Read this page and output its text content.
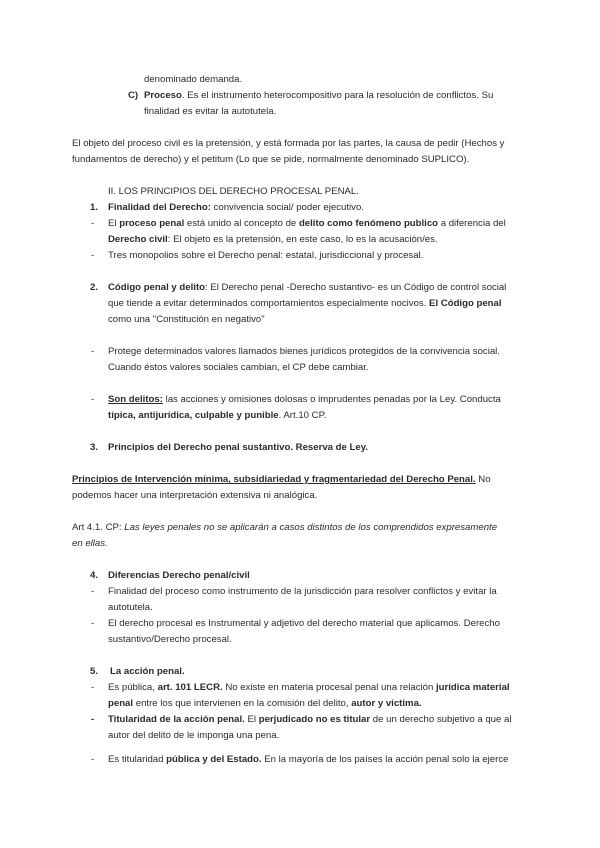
denominado demanda.
C) Proceso. Es el instrumento heterocompositivo para la resolución de conflictos. Su
finalidad es evitar la autotutela.
El objeto del proceso civil es la pretensión, y está formada por las partes, la causa de pedir (Hechos y
fundamentos de derecho) y el petitum (Lo que se pide, normalmente denominado SUPLICO).
II. LOS PRINCIPIOS DEL DERECHO PROCESAL PENAL.
1. Finalidad del Derecho: convivencia social/ poder ejecutivo.
- El proceso penal está unido al concepto de delito como fenómeno publico a diferencia del
Derecho civil: El objeto es la pretensión, en este caso, lo es la acusación/es.
- Tres monopolios sobre el Derecho penal: estatal, jurisdiccional y procesal.
2. Código penal y delito: El Derecho penal -Derecho sustantivo- es un Código de control social
que tiende a evitar determinados comportamientos especialmente nocivos. El Código penal
como una "Constitución en negativo"
- Protege determinados valores llamados bienes jurídicos protegidos de la convivencia social.
Cuando éstos valores sociales cambian, el CP debe cambiar.
- Son delitos: las acciones y omisiones dolosas o imprudentes penadas por la Ley. Conducta
típica, antijurídica, culpable y punible. Art.10 CP.
3. Principios del Derecho penal sustantivo. Reserva de Ley.
Principios de Intervención mínima, subsidiariedad y fragmentariedad del Derecho Penal. No
podemos hacer una interpretación extensiva ni analógica.
Art 4.1. CP: Las leyes penales no se aplicarán a casos distintos de los comprendidos expresamente
en ellas.
4. Diferencias Derecho penal/civil
- Finalidad del proceso como instrumento de la jurisdicción para resolver conflictos y evitar la
autotutela.
- El derecho procesal es Instrumental y adjetivo del derecho material que aplicamos. Derecho
sustantivo/Derecho procesal.
5. La acción penal.
- Es pública, art. 101 LECR. No existe en materia procesal penal una relación jurídica material
penal entre los que intervienen en la comisión del delito, autor y víctima.
- Titularidad de la acción penal. El perjudicado no es titular de un derecho subjetivo a que al
autor del delito de le imponga una pena.
- Es titularidad pública y del Estado. En la mayoría de los países la acción penal solo la ejerce
